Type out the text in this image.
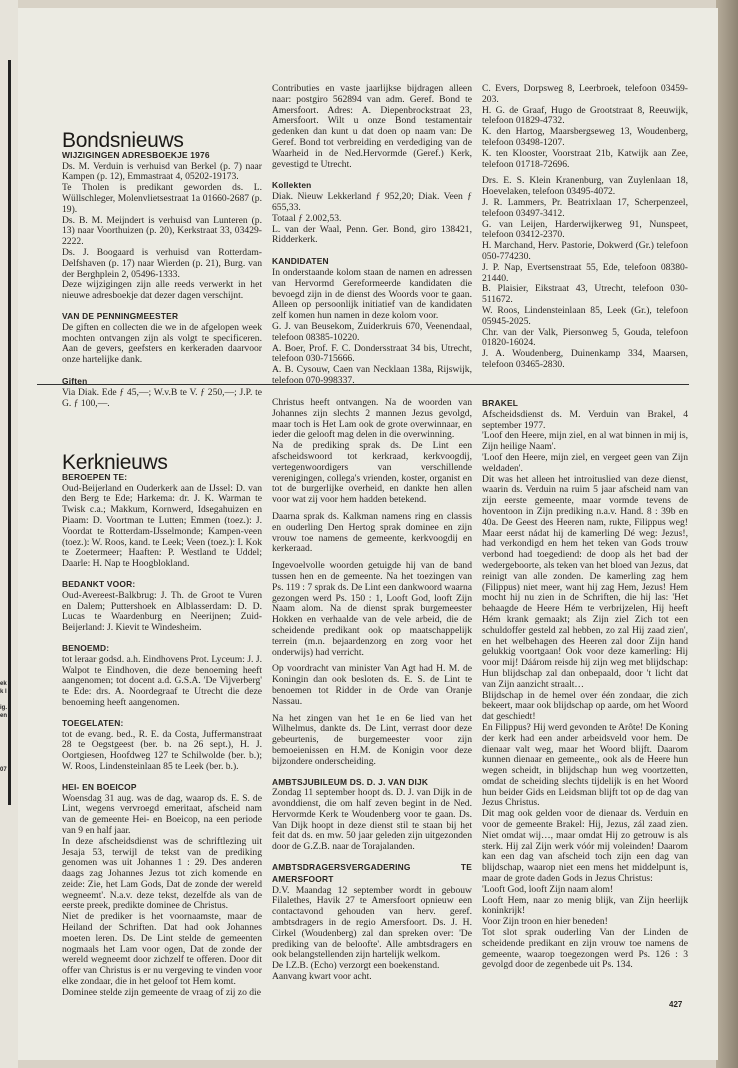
ek
k l
ig.
en
07
Bondsnieuws
WIJZIGINGEN ADRESBOEKJE 1976

Ds. M. Verduin is verhuisd van Berkel (p. 7) naar Kampen (p. 12), Emmastraat 4, 05202-19173.

Te Tholen is predikant geworden ds. L. Wüllschleger, Molenvlietsestraat 1a 01660-2687 (p. 19).

Ds. B. M. Meijndert is verhuisd van Lunteren (p. 13) naar Voorthuizen (p. 20), Kerkstraat 33, 03429-2222.

Ds. J. Boogaard is verhuisd van Rotterdam-Delfshaven (p. 17) naar Wierden (p. 21), Burg. van der Berghplein 2, 05496-1333.

Deze wijzigingen zijn alle reeds verwerkt in het nieuwe adresboekje dat dezer dagen verschijnt.

VAN DE PENNINGMEESTER

De giften en collecten die we in de afgelopen week mochten ontvangen zijn als volgt te specificeren. Aan de gevers, geefsters en kerkeraden daarvoor onze hartelijke dank.

Giften

Via Diak. Ede ƒ 45,—; W.v.B te V. ƒ 250,—; J.P. te G. ƒ 100,—.

Contributies en vaste jaarlijkse bijdragen alleen naar: postgiro 562894 van adm. Geref. Bond te Amersfoort. Adres: A. Diepenbrockstraat 23, Amersfoort. Wilt u onze Bond testamentair gedenken dan kunt u dat doen op naam van: De Geref. Bond tot verbreiding en verdediging van de Waarheid in de Ned.Hervormde (Geref.) Kerk, gevestigd te Utrecht.

Kollekten

Diak. Nieuw Lekkerland ƒ 952,20; Diak. Veen ƒ 655,33.

Totaal ƒ 2.002,53.

L. van der Waal, Penn. Ger. Bond, giro 138421, Ridderkerk.

KANDIDATEN

In onderstaande kolom staan de namen en adressen van Hervormd Gereformeerde kandidaten die bevoegd zijn in de dienst des Woords voor te gaan. Alleen op persoonlijk initiatief van de kandidaten zelf komen hun namen in deze kolom voor.

G. J. van Beusekom, Zuiderkruis 670, Veenendaal, telefoon 08385-10220.

A. Boer, Prof. F. C. Dondersstraat 34 bis, Utrecht, telefoon 030-715666.

A. B. Cysouw, Caen van Necklaan 138a, Rijswijk, telefoon 070-998337.

C. Evers, Dorpsweg 8, Leerbroek, telefoon 03459-203.

H. G. de Graaf, Hugo de Grootstraat 8, Reeuwijk, telefoon 01829-4732.

K. den Hartog, Maarsbergseweg 13, Woudenberg, telefoon 03498-1207.

K. ten Klooster, Voorstraat 21b, Katwijk aan Zee, telefoon 01718-72696.

Drs. E. S. Klein Kranenburg, van Zuylenlaan 18, Hoevelaken, telefoon 03495-4072.

J. R. Lammers, Pr. Beatrixlaan 17, Scherpenzeel, telefoon 03497-3412.

G. van Leijen, Harderwijkerweg 91, Nunspeet, telefoon 03412-2370.

H. Marchand, Herv. Pastorie, Dokwerd (Gr.) telefoon 050-774230.

J. P. Nap, Evertsenstraat 55, Ede, telefoon 08380-21440.

B. Plaisier, Eikstraat 43, Utrecht, telefoon 030-511672.

W. Roos, Lindensteinlaan 85, Leek (Gr.), telefoon 05945-2025.

Chr. van der Valk, Piersonweg 5, Gouda, telefoon 01820-16024.

J. A. Woudenberg, Duinenkamp 334, Maarsen, telefoon 03465-2830.

Kerknieuws
BEROEPEN TE:

Oud-Beijerland en Ouderkerk aan de IJssel: D. van den Berg te Ede; Harkema: dr. J. K. Warman te Twisk c.a.; Makkum, Kornwerd, Idsegahuizen en Piaam: D. Voortman te Lutten; Emmen (toez.): J. Voordat te Rotterdam-IJsselmonde; Kampen-veen (toez.): W. Roos, kand. te Leek; Veen (toez.): I. Kok te Zoetermeer; Haaften: P. Westland te Uddel; Daarle: H. Nap te Hoogblokland.

BEDANKT VOOR:

Oud-Avereest-Balkbrug: J. Th. de Groot te Vuren en Dalem; Puttershoek en Alblasserdam: D. D. Lucas te Waardenburg en Neerijnen; Zuid-Beijerland: J. Kievit te Windesheim.

BENOEMD:

tot leraar godsd. a.h. Eindhovens Prot. Lyceum: J. J. Walpot te Eindhoven, die deze benoeming heeft aangenomen; tot docent a.d. G.S.A. 'De Vijverberg' te Ede: drs. A. Noordegraaf te Utrecht die deze benoeming heeft aangenomen.

TOEGELATEN:

tot de evang. bed., R. E. da Costa, Juffermanstraat 28 te Oegstgeest (ber. b. na 26 sept.), H. J. Oortgiesen, Hoofdweg 127 te Schilwolde (ber. b.); W. Roos, Lindensteinlaan 85 te Leek (ber. b.).

HEI- EN BOEICOP

Woensdag 31 aug. was de dag, waarop ds. E. S. de Lint, wegens vervroegd emeritaat, afscheid nam van de gemeente Hei- en Boeicop, na een periode van 9 en half jaar.

In deze afscheidsdienst was de schriftlezing uit Jesaja 53, terwijl de tekst van de prediking genomen was uit Johannes 1 : 29. Des anderen daags zag Johannes Jezus tot zich komende en zeide: Zie, het Lam Gods, Dat de zonde der wereld wegneemt'. N.a.v. deze tekst, dezelfde als van de eerste preek, predikte dominee de Christus.

Niet de prediker is het voornaamste, maar de Heiland der Schriften. Dat had ook Johannes moeten leren. Ds. De Lint stelde de gemeenten nogmaals het Lam voor ogen, Dat de zonde der wereld wegneemt door zichzelf te offeren. Door dit offer van Christus is er nu vergeving te vinden voor elke zondaar, die in het geloof tot Hem komt.

Dominee stelde zijn gemeente de vraag of zij zo die

Christus heeft ontvangen. Na de woorden van Johannes zijn slechts 2 mannen Jezus gevolgd, maar toch is Het Lam ook de grote overwinnaar, en ieder die gelooft mag delen in die overwinning.

Na de prediking sprak ds. De Lint een afscheidswoord tot kerkraad, kerkvoogdij, vertegenwoordigers van verschillende verenigingen, collega's vrienden, koster, organist en tot de burgerlijke overheid, en dankte hen allen voor wat zij voor hem hadden betekend.

Daarna sprak ds. Kalkman namens ring en classis en ouderling Den Hertog sprak dominee en zijn vrouw toe namens de gemeente, kerkvoogdij en kerkeraad.

Ingevoelvolle woorden getuigde hij van de band tussen hen en de gemeente. Na het toezingen van Ps. 119 : 7 sprak ds. De Lint een dankwoord waarna gezongen werd Ps. 150 : 1, Looft God, looft Zijn Naam alom. Na de dienst sprak burgemeester Hokken en verhaalde van de vele arbeid, die de scheidende predikant ook op maatschappelijk terrein (m.n. bejaardenzorg en zorg voor het onderwijs) had verricht.

Op voordracht van minister Van Agt had H. M. de Koningin dan ook besloten ds. E. S. de Lint te benoemen tot Ridder in de Orde van Oranje Nassau.

Na het zingen van het 1e en 6e lied van het Wilhelmus, dankte ds. De Lint, verrast door deze gebeurtenis, de burgemeester voor zijn bemoeienissen en H.M. de Konigin voor deze bijzondere onderscheiding.

AMBTSJUBILEUM DS. D. J. VAN DIJK

Zondag 11 september hoopt ds. D. J. van Dijk in de avonddienst, die om half zeven begint in de Ned. Hervormde Kerk te Woudenberg voor te gaan. Ds. Van Dijk hoopt in deze dienst stil te staan bij het feit dat ds. en mw. 50 jaar geleden zijn uitgezonden door de G.Z.B. naar de Torajalanden.

AMBTSDRAGERSVERGADERING	TE
AMERSFOORT

D.V. Maandag 12 september wordt in gebouw Filalethes, Havik 27 te Amersfoort opnieuw een contactavond gehouden van herv. geref. ambtsdragers in de regio Amersfoort. Ds. J. H. Cirkel (Woudenberg) zal dan spreken over: 'De prediking van de beloofte'. Alle ambtsdragers en ook belangstellenden zijn hartelijk welkom.

De I.Z.B. (Echo) verzorgt een boekenstand.

Aanvang kwart voor acht.

BRAKEL

Afscheidsdienst ds. M. Verduin van Brakel, 4 september 1977.

'Loof den Heere, mijn ziel, en al wat binnen in mij is, Zijn heilige Naam'.

'Loof den Heere, mijn ziel, en vergeet geen van Zijn weldaden'.

Dit was het alleen het introituslied van deze dienst, waarin ds. Verduin na ruim 5 jaar afscheid nam van zijn eerste gemeente, maar vormde tevens de hoventoon in Zijn prediking n.a.v. Hand. 8 : 39b en 40a. De Geest des Heeren nam, rukte, Filippus weg! Maar eerst nádat hij de kamerling Dé weg: Jezus!, had verkondigd en hem het teken van Gods trouw verbond had toegediend: de doop als het bad der wedergeboorte, als teken van het bloed van Jezus, dat reinigt van alle zonden. De kamerling zag hem (Filippus) niet meer, want hij zag Hem, Jezus! Hem mocht hij nu zien in de Schriften, die hij las: 'Het behaagde de Heere Hém te verbrijzelen, Hij heeft Hém krank gemaakt; als Zijn ziel Zich tot een schuldoffer gesteld zal hebben, zo zal Hij zaad zien', en het welbehagen des Heeren zal door Zijn hand gelukkig voortgaan! Ook voor deze kamerling: Hij voor mij! Dáárom reisde hij zijn weg met blijdschap: Hun blijdschap zal dan onbepaald, door 't licht dat van Zijn aanzicht straalt…

Blijdschap in de hemel over één zondaar, die zich bekeert, maar ook blijdschap op aarde, om het Woord dat geschiedt!

En Filippus? Hij werd gevonden te Arôte! De Koning der kerk had een ander arbeidsveld voor hem. De dienaar valt weg, maar het Woord blijft. Daarom kunnen dienaar en gemeente,, ook als de Heere hun wegen scheidt, in blijdschap hun weg voortzetten, omdat de scheiding slechts tijdelijk is en het Woord hun beider Gids en Leidsman blijft tot op de dag van Jezus Christus.

Dit mag ook gelden voor de dienaar ds. Verduin en voor de gemeente Brakel: Hij, Jezus, zál zaad zien. Niet omdat wij…, maar omdat Hij zo getrouw is als sterk. Hij zal Zijn werk vóór mij voleinden! Daarom kan een dag van afscheid toch zijn een dag van blijdschap, waarop niet een mens het middelpunt is, maar de grote daden Gods in Jezus Christus:

'Looft God, looft Zijn naam alom!

Looft Hem, naar zo menig blijk, van Zijn heerlijk koninkrijk!

Voor Zijn troon en hier beneden!

Tot slot sprak ouderling Van der Linden de scheidende predikant en zijn vrouw toe namens de gemeente, waarop toegezongen werd Ps. 126 : 3 gevolgd door de zegenbede uit Ps. 134.

427
